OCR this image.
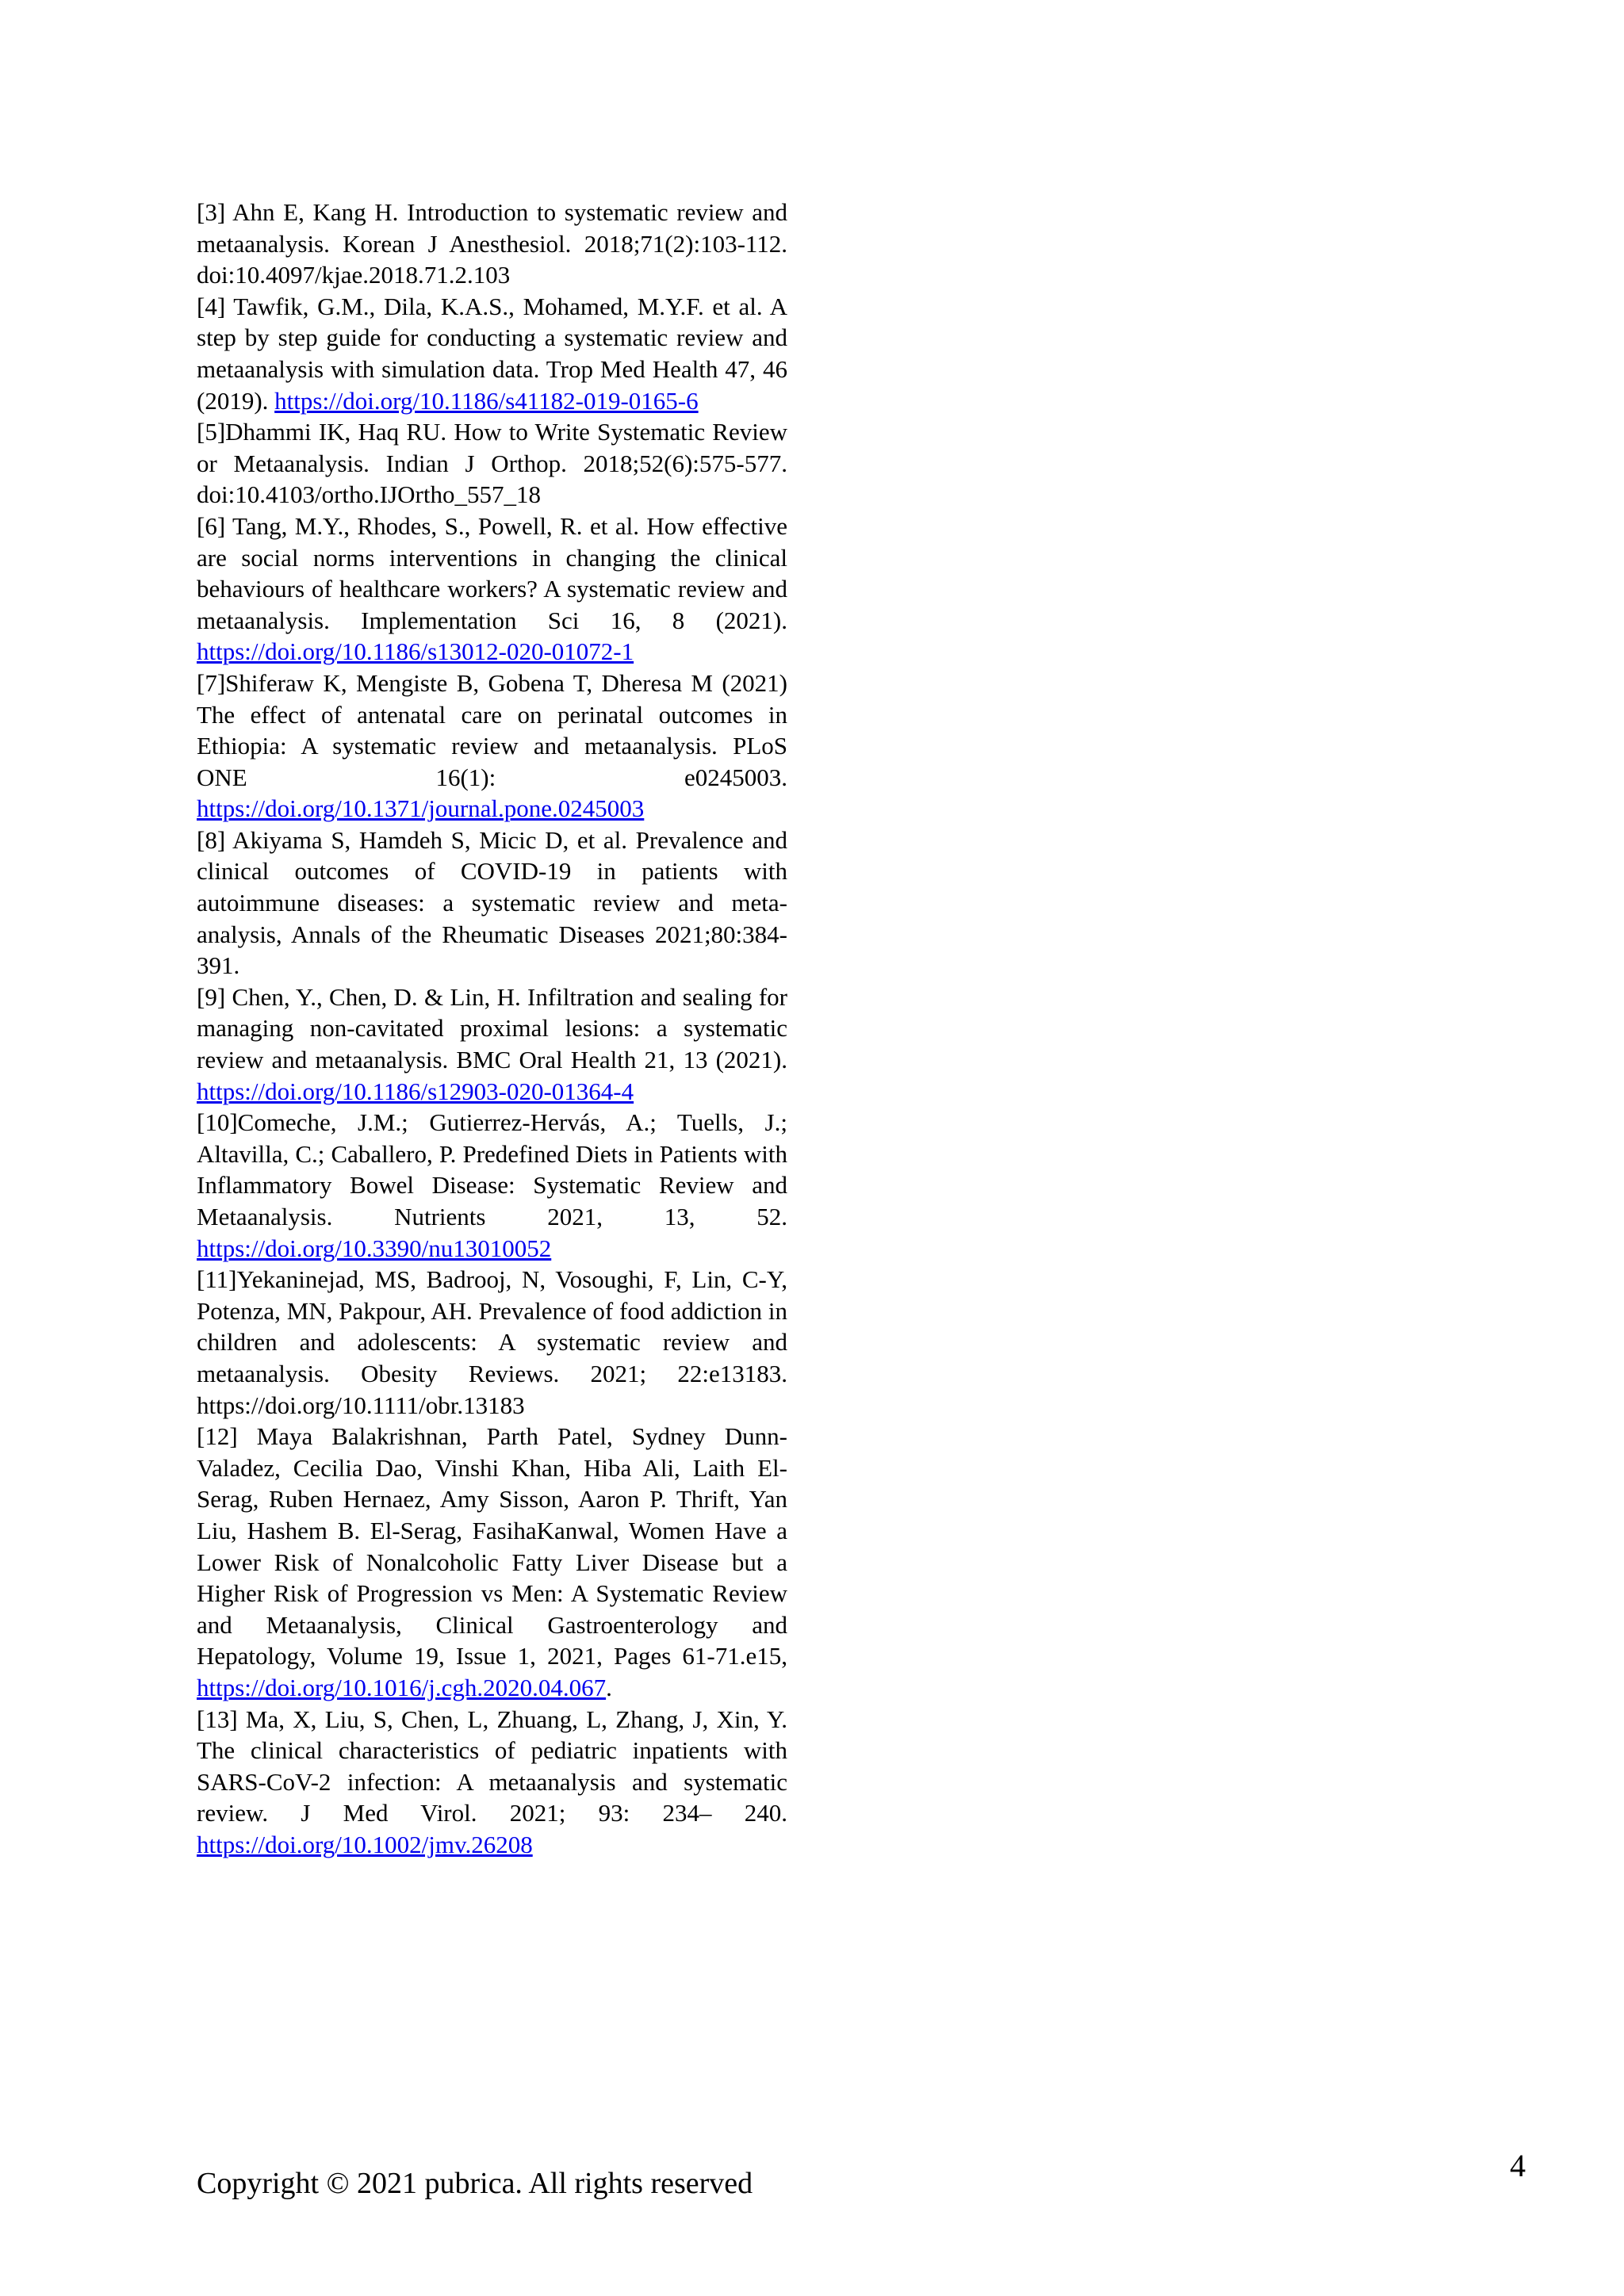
[3] Ahn E, Kang H. Introduction to systematic review and metaanalysis. Korean J Anesthesiol. 2018;71(2):103-112. doi:10.4097/kjae.2018.71.2.103

[4] Tawfik, G.M., Dila, K.A.S., Mohamed, M.Y.F. et al. A step by step guide for conducting a systematic review and metaanalysis with simulation data. Trop Med Health 47, 46 (2019). https://doi.org/10.1186/s41182-019-0165-6

[5]Dhammi IK, Haq RU. How to Write Systematic Review or Metaanalysis. Indian J Orthop. 2018;52(6):575-577. doi:10.4103/ortho.IJOrtho_557_18

[6] Tang, M.Y., Rhodes, S., Powell, R. et al. How effective are social norms interventions in changing the clinical behaviours of healthcare workers? A systematic review and metaanalysis. Implementation Sci 16, 8 (2021). https://doi.org/10.1186/s13012-020-01072-1

[7]Shiferaw K, Mengiste B, Gobena T, Dheresa M (2021) The effect of antenatal care on perinatal outcomes in Ethiopia: A systematic review and metaanalysis. PLoS ONE 16(1): e0245003. https://doi.org/10.1371/journal.pone.0245003

[8] Akiyama S, Hamdeh S, Micic D, et al. Prevalence and clinical outcomes of COVID-19 in patients with autoimmune diseases: a systematic review and meta-analysis, Annals of the Rheumatic Diseases 2021;80:384-391.

[9] Chen, Y., Chen, D. & Lin, H. Infiltration and sealing for managing non-cavitated proximal lesions: a systematic review and metaanalysis. BMC Oral Health 21, 13 (2021). https://doi.org/10.1186/s12903-020-01364-4

[10]Comeche, J.M.; Gutierrez-Hervás, A.; Tuells, J.; Altavilla, C.; Caballero, P. Predefined Diets in Patients with Inflammatory Bowel Disease: Systematic Review and Metaanalysis. Nutrients 2021, 13, 52. https://doi.org/10.3390/nu13010052

[11]Yekaninejad, MS, Badrooj, N, Vosoughi, F, Lin, C-Y, Potenza, MN, Pakpour, AH. Prevalence of food addiction in children and adolescents: A systematic review and metaanalysis. Obesity Reviews. 2021; 22:e13183. https://doi.org/10.1111/obr.13183

[12] Maya Balakrishnan, Parth Patel, Sydney Dunn-Valadez, Cecilia Dao, Vinshi Khan, Hiba Ali, Laith El-Serag, Ruben Hernaez, Amy Sisson, Aaron P. Thrift, Yan Liu, Hashem B. El-Serag, FasihaKanwal, Women Have a Lower Risk of Nonalcoholic Fatty Liver Disease but a Higher Risk of Progression vs Men: A Systematic Review and Metaanalysis, Clinical Gastroenterology and Hepatology, Volume 19, Issue 1, 2021, Pages 61-71.e15, https://doi.org/10.1016/j.cgh.2020.04.067.

[13] Ma, X, Liu, S, Chen, L, Zhuang, L, Zhang, J, Xin, Y. The clinical characteristics of pediatric inpatients with SARS-CoV-2 infection: A metaanalysis and systematic review. J Med Virol. 2021; 93: 234– 240. https://doi.org/10.1002/jmv.26208

Copyright © 2021 pubrica. All rights reserved	4
